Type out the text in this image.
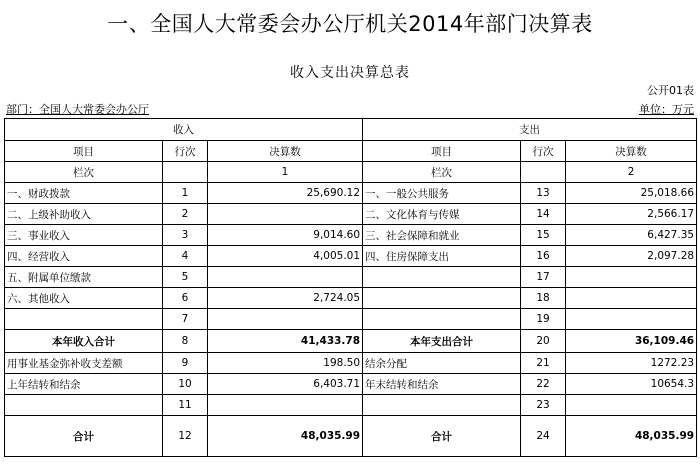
一、全国人大常委会办公厅机关2014年部门决算表
收入支出决算总表
公开01表
部门：全国人大常委会办公厅	单位：万元
收入			支出		
项目	行次	决算数	项目	行次	决算数
栏次		1	栏次		2
一、财政拨款	1	25,690.12	一、一般公共服务	13	25,018.66
二、上级补助收入	2		二、文化体育与传媒	14	2,566.17
三、事业收入	3	9,014.60	三、社会保障和就业	15	6,427.35
四、经营收入	4	4,005.01	四、住房保障支出	16	2,097.28
五、附属单位缴款	5			17	
六、其他收入	6	2,724.05		18	
	7			19	
本年收入合计	8	41,433.78	本年支出合计	20	36,109.46
用事业基金弥补收支差额	9	198.50	结余分配	21	1272.23
上年结转和结余	10	6,403.71	年末结转和结余	22	10654.3
	11			23	
合计	12	48,035.99	合计	24	48,035.99
